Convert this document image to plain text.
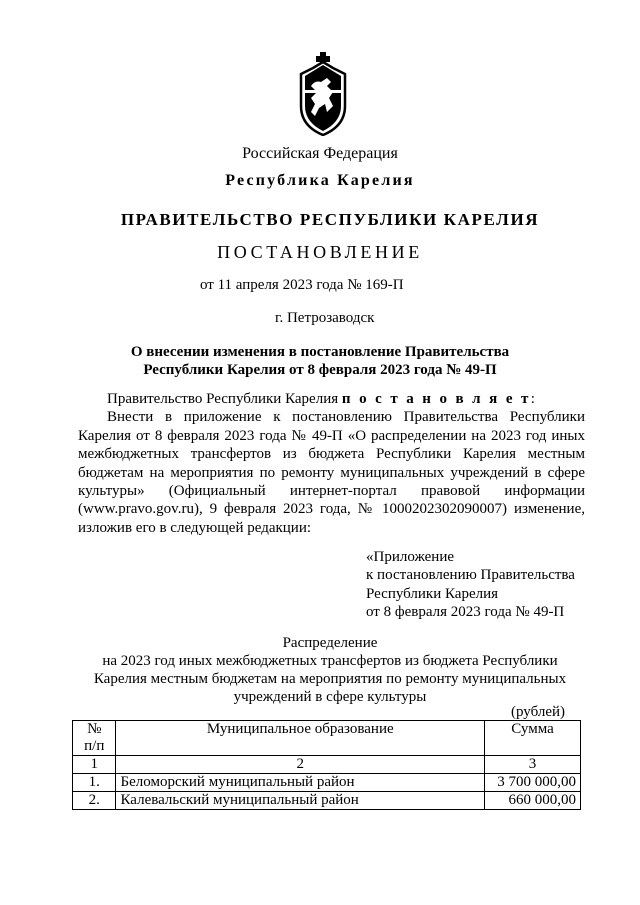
Российская Федерация
Республика Карелия
ПРАВИТЕЛЬСТВО РЕСПУБЛИКИ КАРЕЛИЯ
ПОСТАНОВЛЕНИЕ
от 11 апреля 2023 года № 169-П
г. Петрозаводск
О внесении изменения в постановление Правительства
Республики Карелия от 8 февраля 2023 года № 49-П
Правительство Республики Карелия п о с т а н о в л я е т:
Внести в приложение к постановлению Правительства Республики
Карелия от 8 февраля 2023 года № 49-П «О распределении на 2023 год иных
межбюджетных трансфертов из бюджета Республики Карелия местным
бюджетам на мероприятия по ремонту муниципальных учреждений в сфере
культуры» (Официальный интернет-портал правовой информации
(www.pravo.gov.ru), 9 февраля 2023 года, № 1000202302090007) изменение,
изложив его в следующей редакции:
«Приложение
к постановлению Правительства
Республики Карелия
от 8 февраля 2023 года № 49-П
Распределение
на 2023 год иных межбюджетных трансфертов из бюджета Республики
Карелия местным бюджетам на мероприятия по ремонту муниципальных
учреждений в сфере культуры
(рублей)
№
п/п	Муниципальное образование	Сумма
1	2	3
1.	Беломорский муниципальный район	3 700 000,00
2.	Калевальский муниципальный район	660 000,00
